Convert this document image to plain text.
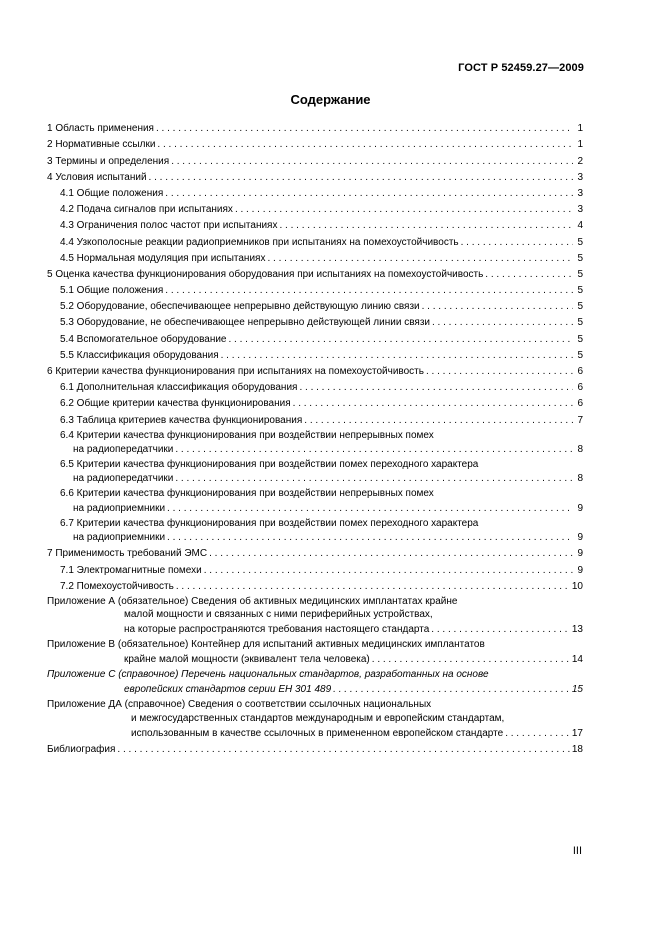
ГОСТ Р 52459.27—2009
Содержание
1 Область применения . . .	1
2 Нормативные ссылки . . .	1
3 Термины и определения . . .	2
4 Условия испытаний . . .	3
4.1 Общие положения . . .	3
4.2 Подача сигналов при испытаниях . . .	3
4.3 Ограничения полос частот при испытаниях . . .	4
4.4 Узкополосные реакции радиоприемников при испытаниях на помехоустойчивость . . .	5
4.5 Нормальная модуляция при испытаниях . . .	5
5 Оценка качества функционирования оборудования при испытаниях на помехоустойчивость . . .	5
5.1 Общие положения . . .	5
5.2 Оборудование, обеспечивающее непрерывно действующую линию связи . . .	5
5.3 Оборудование, не обеспечивающее непрерывно действующей линии связи . . .	5
5.4 Вспомогательное оборудование . . .	5
5.5 Классификация оборудования . . .	5
6 Критерии качества функционирования при испытаниях на помехоустойчивость . . .	6
6.1 Дополнительная классификация оборудования . . .	6
6.2 Общие критерии качества функционирования . . .	6
6.3 Таблица критериев качества функционирования . . .	7
6.4 Критерии качества функционирования при воздействии непрерывных помех
на радиопередатчики . . .	8
6.5 Критерии качества функционирования при воздействии помех переходного характера
на радиопередатчики . . .	8
6.6 Критерии качества функционирования при воздействии непрерывных помех
на радиоприемники . . .	9
6.7 Критерии качества функционирования при воздействии помех переходного характера
на радиоприемники . . .	9
7 Применимость требований ЭМС . . .	9
7.1 Электромагнитные помехи . . .	9
7.2 Помехоустойчивость . . .	10
Приложение А (обязательное) Сведения об активных медицинских имплантатах крайне
малой мощности и связанных с ними периферийных устройствах,
на которые распространяются требования настоящего стандарта . . .	13
Приложение В (обязательное) Контейнер для испытаний активных медицинских имплантатов
крайне малой мощности (эквивалент тела человека) . . .	14
Приложение С (справочное) Перечень национальных стандартов, разработанных на основе
европейских стандартов серии ЕН 301 489 . . .	15
Приложение ДА (справочное) Сведения о соответствии ссылочных национальных
и межгосударственных стандартов международным и европейским стандартам,
использованным в качестве ссылочных в примененном европейском стандарте . . .	17
Библиография . . .	18
III
